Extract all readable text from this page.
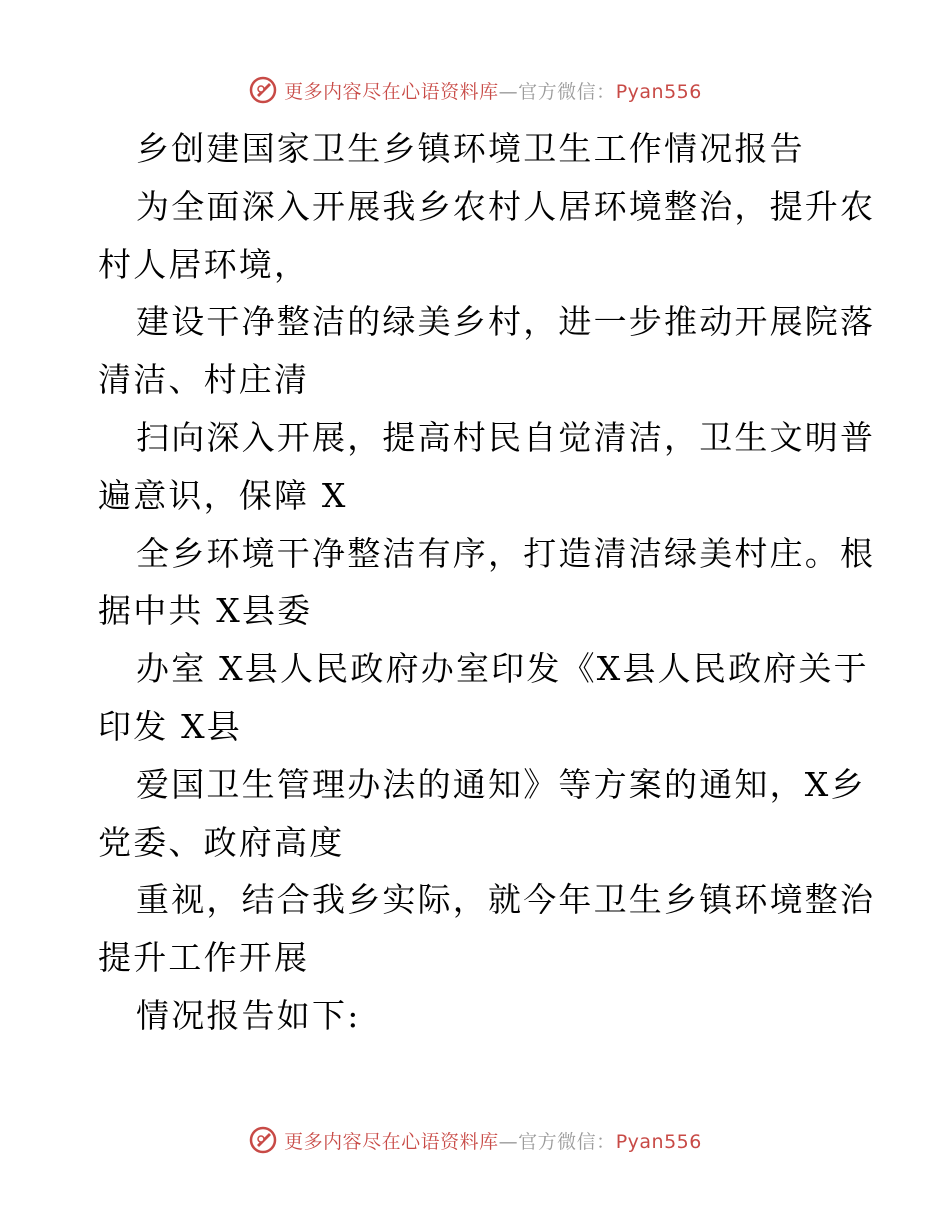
更多内容尽在心语资料库—官方微信：Pyan556
乡创建国家卫生乡镇环境卫生工作情况报告
为全面深入开展我乡农村人居环境整治，提升农
村人居环境，
建设干净整洁的绿美乡村，进一步推动开展院落
清洁、村庄清
扫向深入开展，提高村民自觉清洁，卫生文明普
遍意识，保障 X
全乡环境干净整洁有序，打造清洁绿美村庄。根
据中共 X县委
办室 X县人民政府办室印发《X县人民政府关于
印发 X县
爱国卫生管理办法的通知》等方案的通知，X乡
党委、政府高度
重视，结合我乡实际，就今年卫生乡镇环境整治
提升工作开展
情况报告如下:
更多内容尽在心语资料库—官方微信：Pyan556
